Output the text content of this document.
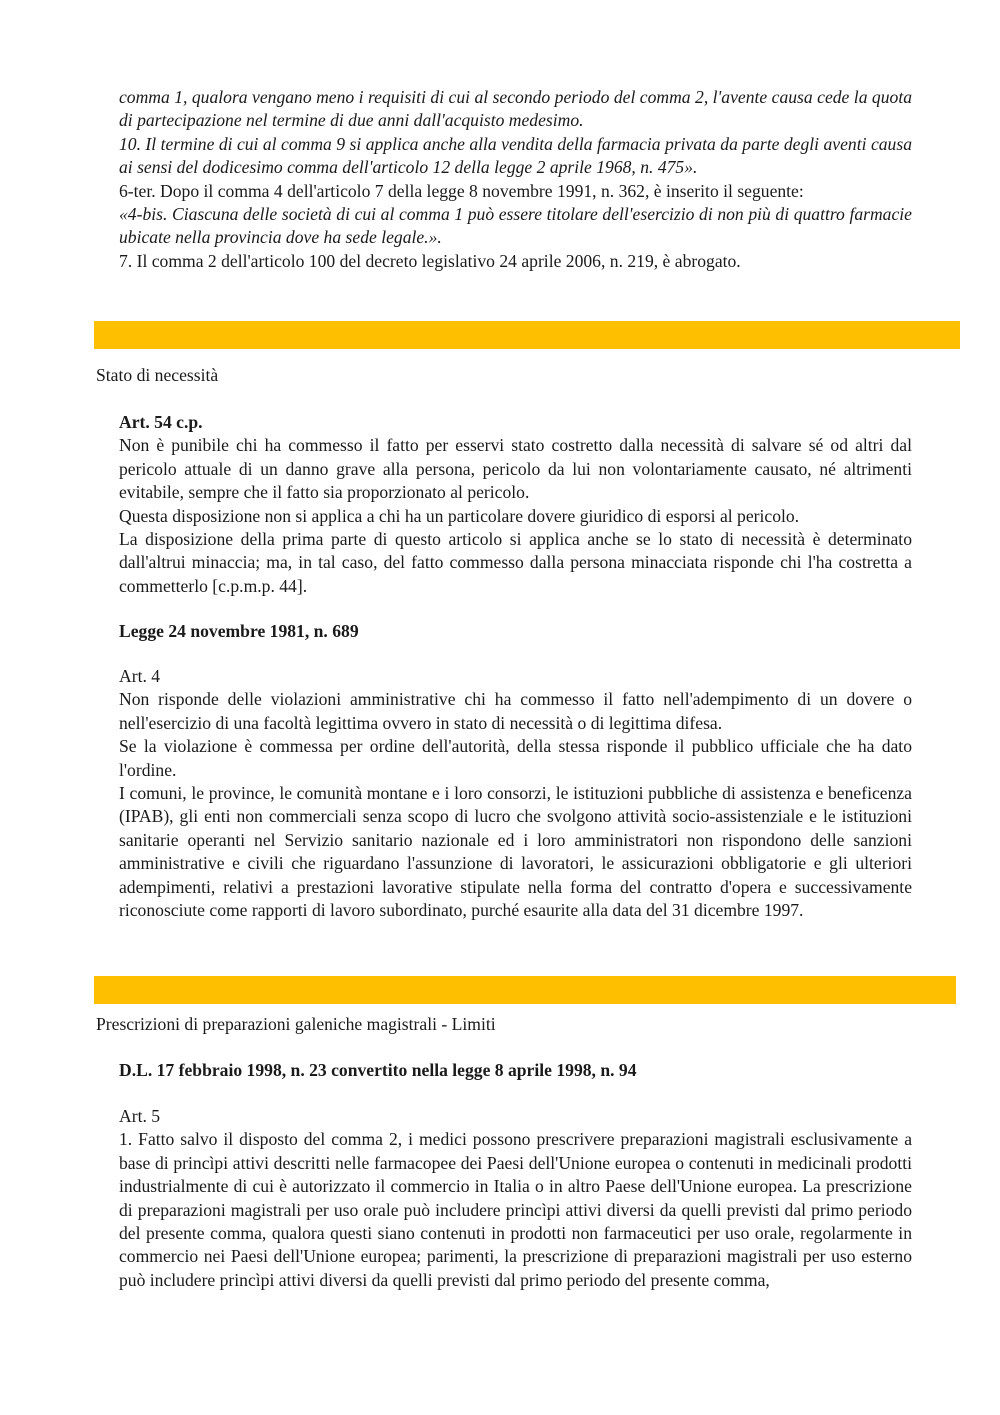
comma 1, qualora vengano meno i requisiti di cui al secondo periodo del comma 2, l'avente causa cede la quota di partecipazione nel termine di due anni dall'acquisto medesimo.

10. Il termine di cui al comma 9 si applica anche alla vendita della farmacia privata da parte degli aventi causa ai sensi del dodicesimo comma dell'articolo 12 della legge 2 aprile 1968, n. 475».

6-ter. Dopo il comma 4 dell'articolo 7 della legge 8 novembre 1991, n. 362, è inserito il seguente:

«4-bis. Ciascuna delle società di cui al comma 1 può essere titolare dell'esercizio di non più di quattro farmacie ubicate nella provincia dove ha sede legale.».

7. Il comma 2 dell'articolo 100 del decreto legislativo 24 aprile 2006, n. 219, è abrogato.

Stato di necessità

Art. 54 c.p.

Non è punibile chi ha commesso il fatto per esservi stato costretto dalla necessità di salvare sé od altri dal pericolo attuale di un danno grave alla persona, pericolo da lui non volontariamente causato, né altrimenti evitabile, sempre che il fatto sia proporzionato al pericolo.

Questa disposizione non si applica a chi ha un particolare dovere giuridico di esporsi al pericolo.

La disposizione della prima parte di questo articolo si applica anche se lo stato di necessità è determinato dall'altrui minaccia; ma, in tal caso, del fatto commesso dalla persona minacciata risponde chi l'ha costretta a commetterlo [c.p.m.p. 44].

Legge 24 novembre 1981, n. 689

Art. 4

Non risponde delle violazioni amministrative chi ha commesso il fatto nell'adempimento di un dovere o nell'esercizio di una facoltà legittima ovvero in stato di necessità o di legittima difesa.

Se la violazione è commessa per ordine dell'autorità, della stessa risponde il pubblico ufficiale che ha dato l'ordine.

I comuni, le province, le comunità montane e i loro consorzi, le istituzioni pubbliche di assistenza e beneficenza (IPAB), gli enti non commerciali senza scopo di lucro che svolgono attività socio-assistenziale e le istituzioni sanitarie operanti nel Servizio sanitario nazionale ed i loro amministratori non rispondono delle sanzioni amministrative e civili che riguardano l'assunzione di lavoratori, le assicurazioni obbligatorie e gli ulteriori adempimenti, relativi a prestazioni lavorative stipulate nella forma del contratto d'opera e successivamente riconosciute come rapporti di lavoro subordinato, purché esaurite alla data del 31 dicembre 1997.

Prescrizioni di preparazioni galeniche magistrali - Limiti

D.L. 17 febbraio 1998, n. 23 convertito nella legge 8 aprile 1998, n. 94

Art. 5

1. Fatto salvo il disposto del comma 2, i medici possono prescrivere preparazioni magistrali esclusivamente a base di princìpi attivi descritti nelle farmacopee dei Paesi dell'Unione europea o contenuti in medicinali prodotti industrialmente di cui è autorizzato il commercio in Italia o in altro Paese dell'Unione europea. La prescrizione di preparazioni magistrali per uso orale può includere princìpi attivi diversi da quelli previsti dal primo periodo del presente comma, qualora questi siano contenuti in prodotti non farmaceutici per uso orale, regolarmente in commercio nei Paesi dell'Unione europea; parimenti, la prescrizione di preparazioni magistrali per uso esterno può includere princìpi attivi diversi da quelli previsti dal primo periodo del presente comma,
